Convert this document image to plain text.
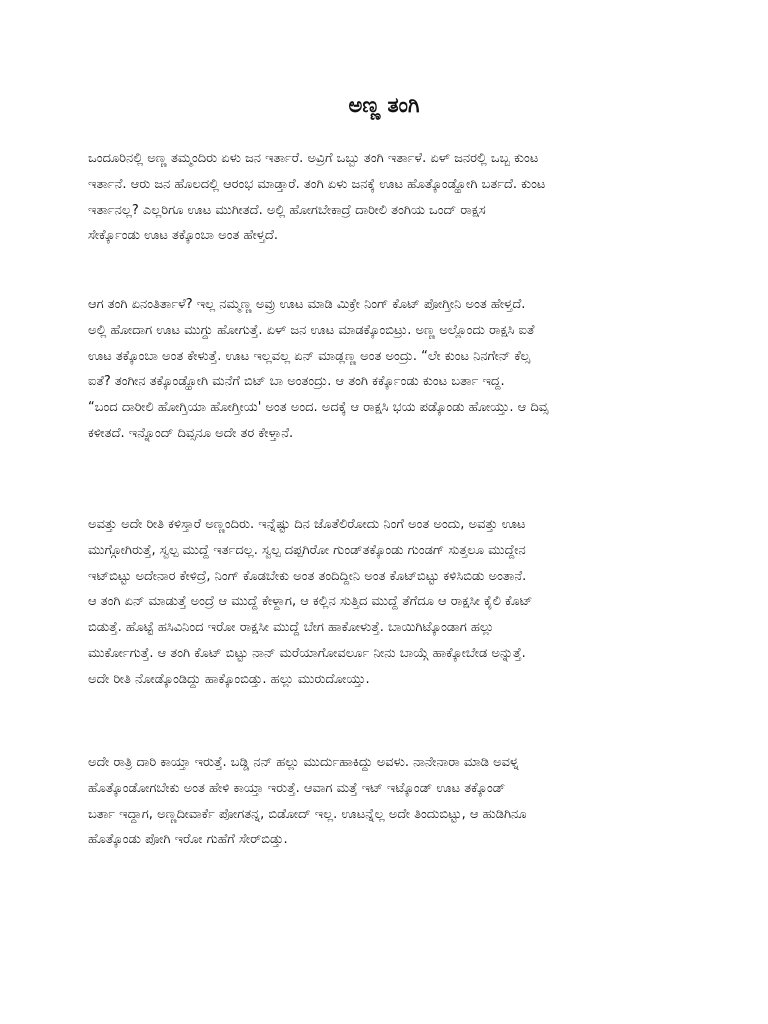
ಅಣ್ಣ ತಂಗಿ

ಒಂದೂರಿನಲ್ಲಿ ಅಣ್ಣ ತಮ್ಮಂದಿರು ಏಳು ಜನ ಇರ್ತಾರೆ. ಅವ್ರಿಗೆ ಒಬ್ಬು ತಂಗಿ ಇರ್ತಾಳೆ. ಏಳ್ ಜನರಲ್ಲಿ ಒಬ್ಬ ಕುಂಟ
ಇರ್ತಾನೆ. ಆರು ಜನ ಹೊಲದಲ್ಲಿ ಆರಂಭ ಮಾಡ್ತಾರೆ. ತಂಗಿ ಏಳು ಜನಕ್ಕೆ ಊಟ ಹೊತ್ಕೊಂಡ್ಹೋಗಿ ಬರ್ತದೆ. ಕುಂಟ
ಇರ್ತಾನಲ್ಲ? ಎಲ್ಲರಿಗೂ ಊಟ ಮುಗೀತದೆ. ಅಲ್ಲಿ ಹೋಗಬೇಕಾದ್ರೆ ದಾರೀಲಿ ತಂಗಿಯ ಒಂದ್ ರಾಕ್ಷಸ
ಸೇರ್ಕ್ಕೊಂಡು ಊಟ ತಕ್ಕೊಂಬಾ ಅಂತ ಹೇಳ್ತದೆ.

ಆಗ ತಂಗಿ ಏನಂತಿರ್ತಾಳೆ? ಇಲ್ಲ ನಮ್ಮಣ್ಣ ಅವ್ರು ಊಟ ಮಾಡಿ ಮಿಕ್ರೇ ನಿಂಗ್ ಕೊಟ್ ಪೋಗ್ತೀನಿ ಅಂತ ಹೇಳ್ತದೆ.
ಅಲ್ಲಿ ಹೋದಾಗ ಊಟ ಮುಗ್ದು ಹೋಗುತ್ತೆ. ಏಳ್ ಜನ ಊಟ ಮಾಡಕ್ಕೊಂಬಿಟ್ರು. ಅಣ್ಣ ಅಲ್ಲೊಂದು ರಾಕ್ಷಸಿ ಐತೆ
ಊಟ ತಕ್ಕೊಂಬಾ ಅಂತ ಕೇಳುತ್ತೆ. ಊಟ ಇಲ್ಲವಲ್ಲ ಏನ್ ಮಾಡ್ಲಣ್ಣ ಅಂತ ಅಂದ್ರು. “ಲೇ ಕುಂಟ ನಿನಗೇನ್ ಕೆಲ್ಸ
ಐತೆ? ತಂಗೀನ ತಕ್ಕೊಂಡ್ಹೋಗಿ ಮನೆಗೆ ಬಿಟ್ ಬಾ ಅಂತಂದ್ರು. ಆ ತಂಗಿ ಕರ್ಕ್ಕೊಂಡು ಕುಂಟ ಬರ್ತಾ ಇದ್ದ.
“ಬಂದ ದಾರೀಲಿ ಹೋಗ್ತಿಯಾ ಹೋಗ್ತೀಯ' ಅಂತ ಅಂದ. ಅದಕ್ಕೆ ಆ ರಾಕ್ಷಸಿ ಭಯ ಪಡ್ಕೊಂಡು ಹೋಯ್ತು. ಆ ದಿವ್ಸ
ಕಳೀತದೆ. ಇನ್ನೊಂದ್ ದಿವ್ಸನೂ ಅದೇ ತರ ಕೇಳ್ತಾನೆ.

ಅವತ್ತು ಅದೇ ರೀತಿ ಕಳಿಸ್ತಾರೆ ಅಣ್ಣಂದಿರು. ಇನ್ನೆಷ್ಟು ದಿನ ಜೊತೆಲಿರೋದು ನಿಂಗೆ ಅಂತ ಅಂದು, ಅವತ್ತು ಊಟ
ಮುಗ್ಗೋಗಿರುತ್ತೆ, ಸ್ವಲ್ಪ ಮುದ್ದೆ ಇರ್ತದಲ್ಲ. ಸ್ವಲ್ಪ ದಪ್ಪಗಿರೋ ಗುಂಡ್‌ತಕ್ಕೊಂಡು ಗುಂಡಗ್ ಸುತ್ತಲೂ ಮುದ್ದೇನ
ಇಟ್‌ಬಿಟ್ಟು ಅದೇನಾರ ಕೇಳಿದ್ರೆ, ನಿಂಗ್ ಕೊಡಬೇಕು ಅಂತ ತಂದಿದ್ದೀನಿ ಅಂತ ಕೊಟ್‌ಬಿಟ್ಟು ಕಳಿಸಿಬಿಡು ಅಂತಾನೆ.
ಆ ತಂಗಿ ಏನ್ ಮಾಡುತ್ತೆ ಅಂದ್ರೆ ಆ ಮುದ್ದೆ ಕೇಳ್ದಾಗ, ಆ ಕಲ್ಲಿನ ಸುತ್ತಿದ ಮುದ್ದೆ ತೆಗೆದೂ ಆ ರಾಕ್ಷಸೀ ಕೈಲಿ ಕೊಟ್
ಬಿಡುತ್ತೆ. ಹೊಟ್ಟೆ ಹಸಿವಿನಿಂದ ಇರೋ ರಾಕ್ಷಸೀ ಮುದ್ದೆ ಬೇಗ ಹಾಕೋಳುತ್ತೆ. ಬಾಯಿಗಿಟ್ಕೊಂಡಾಗ ಹಲ್ಲು
ಮುರ್ಕೋಗುತ್ತೆ. ಆ ತಂಗಿ ಕೊಟ್ ಬಿಟ್ಟು ನಾನ್ ಮರೆಯಾಗೋವರ್ಲೂ ನೀನು ಬಾಯ್ಗೆ ಹಾಕ್ಕೋಬೇಡ ಅನ್ನುತ್ತೆ.
ಅದೇ ರೀತಿ ನೋಡ್ಕೊಂಡಿದ್ದು ಹಾಕ್ಕೊಂಬಿಡ್ತು. ಹಲ್ಲು ಮುರುದೋಯ್ತು.

ಅದೇ ರಾತ್ರಿ ದಾರಿ ಕಾಯ್ತಾ ಇರುತ್ತೆ. ಬಡ್ಡಿ ನನ್ ಹಲ್ಲು ಮುರ್ದುಹಾಕಿದ್ದು ಅವಳು. ನಾನೇನಾರಾ ಮಾಡಿ ಅವಳ್ನ
ಹೊತ್ಕೊಂಡೋಗಬೇಕು ಅಂತ ಹೇಳಿ ಕಾಯ್ತಾ ಇರುತ್ತೆ. ಆವಾಗ ಮತ್ತೆ ಇಟ್ ಇಟ್ಕೊಂಡ್ ಊಟ ತಕ್ಕೊಂಡ್
ಬರ್ತಾ ಇದ್ದಾಗ, ಅಣ್ಣದೀವಾರ್ಕೆ ಪೋಗತನ್ನ, ಬಿಡೋದ್ ಇಲ್ಲ. ಊಟನ್ನೆಲ್ಲ ಅದೇ ತಿಂದುಬಿಟ್ಟು, ಆ ಹುಡಿಗಿನೂ
ಹೊತ್ಕೊಂಡು ಪೋಗಿ ಇರೋ ಗುಹೆಗೆ ಸೇರ್‌ಬಿಡ್ತು.
